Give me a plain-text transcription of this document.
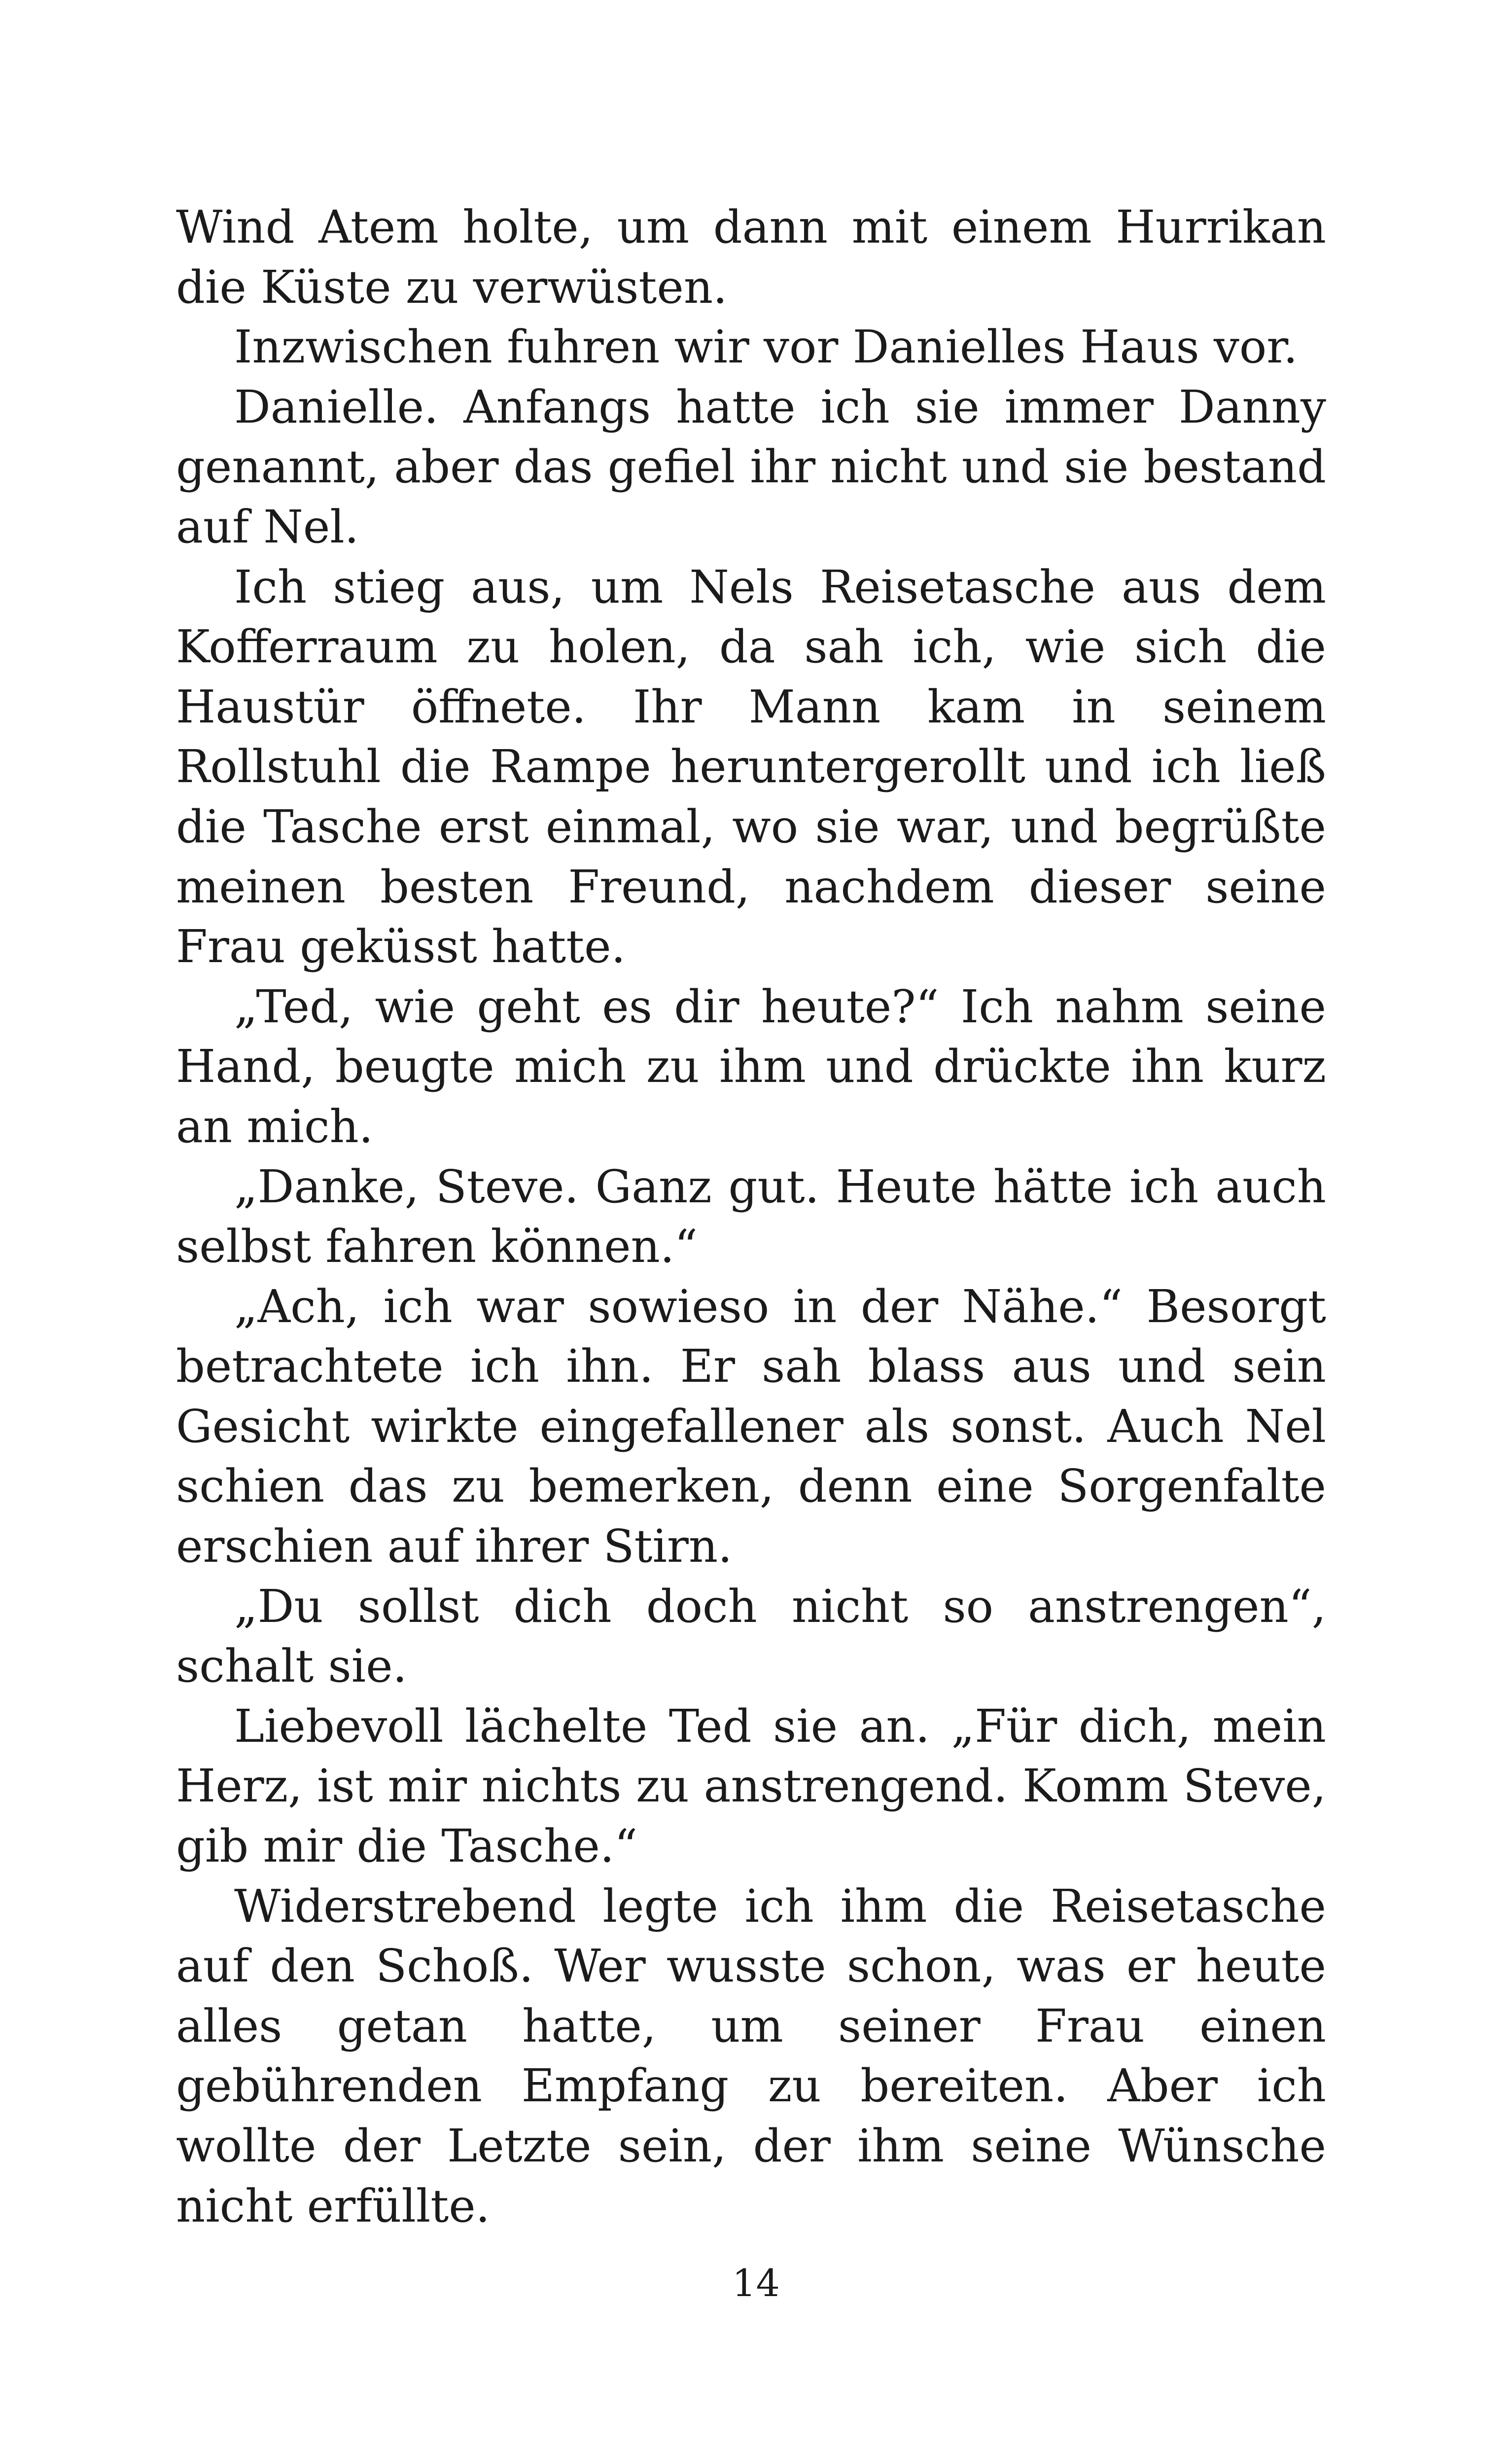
Wind Atem holte, um dann mit einem Hurrikan die Küste zu verwüsten.

Inzwischen fuhren wir vor Danielles Haus vor.

Danielle. Anfangs hatte ich sie immer Danny genannt, aber das gefiel ihr nicht und sie bestand auf Nel.

Ich stieg aus, um Nels Reisetasche aus dem Kofferraum zu holen, da sah ich, wie sich die Haustür öffnete. Ihr Mann kam in seinem Rollstuhl die Rampe heruntergerollt und ich ließ die Tasche erst einmal, wo sie war, und begrüßte meinen besten Freund, nachdem dieser seine Frau geküsst hatte.

„Ted, wie geht es dir heute?“ Ich nahm seine Hand, beugte mich zu ihm und drückte ihn kurz an mich.

„Danke, Steve. Ganz gut. Heute hätte ich auch selbst fahren können.“

„Ach, ich war sowieso in der Nähe.“ Besorgt betrachtete ich ihn. Er sah blass aus und sein Gesicht wirkte eingefallener als sonst. Auch Nel schien das zu bemerken, denn eine Sorgenfalte erschien auf ihrer Stirn.

„Du sollst dich doch nicht so anstrengen“, schalt sie.

Liebevoll lächelte Ted sie an. „Für dich, mein Herz, ist mir nichts zu anstrengend. Komm Steve, gib mir die Tasche.“

Widerstrebend legte ich ihm die Reisetasche auf den Schoß. Wer wusste schon, was er heute alles getan hatte, um seiner Frau einen gebührenden Empfang zu bereiten. Aber ich wollte der Letzte sein, der ihm seine Wünsche nicht erfüllte.

14
